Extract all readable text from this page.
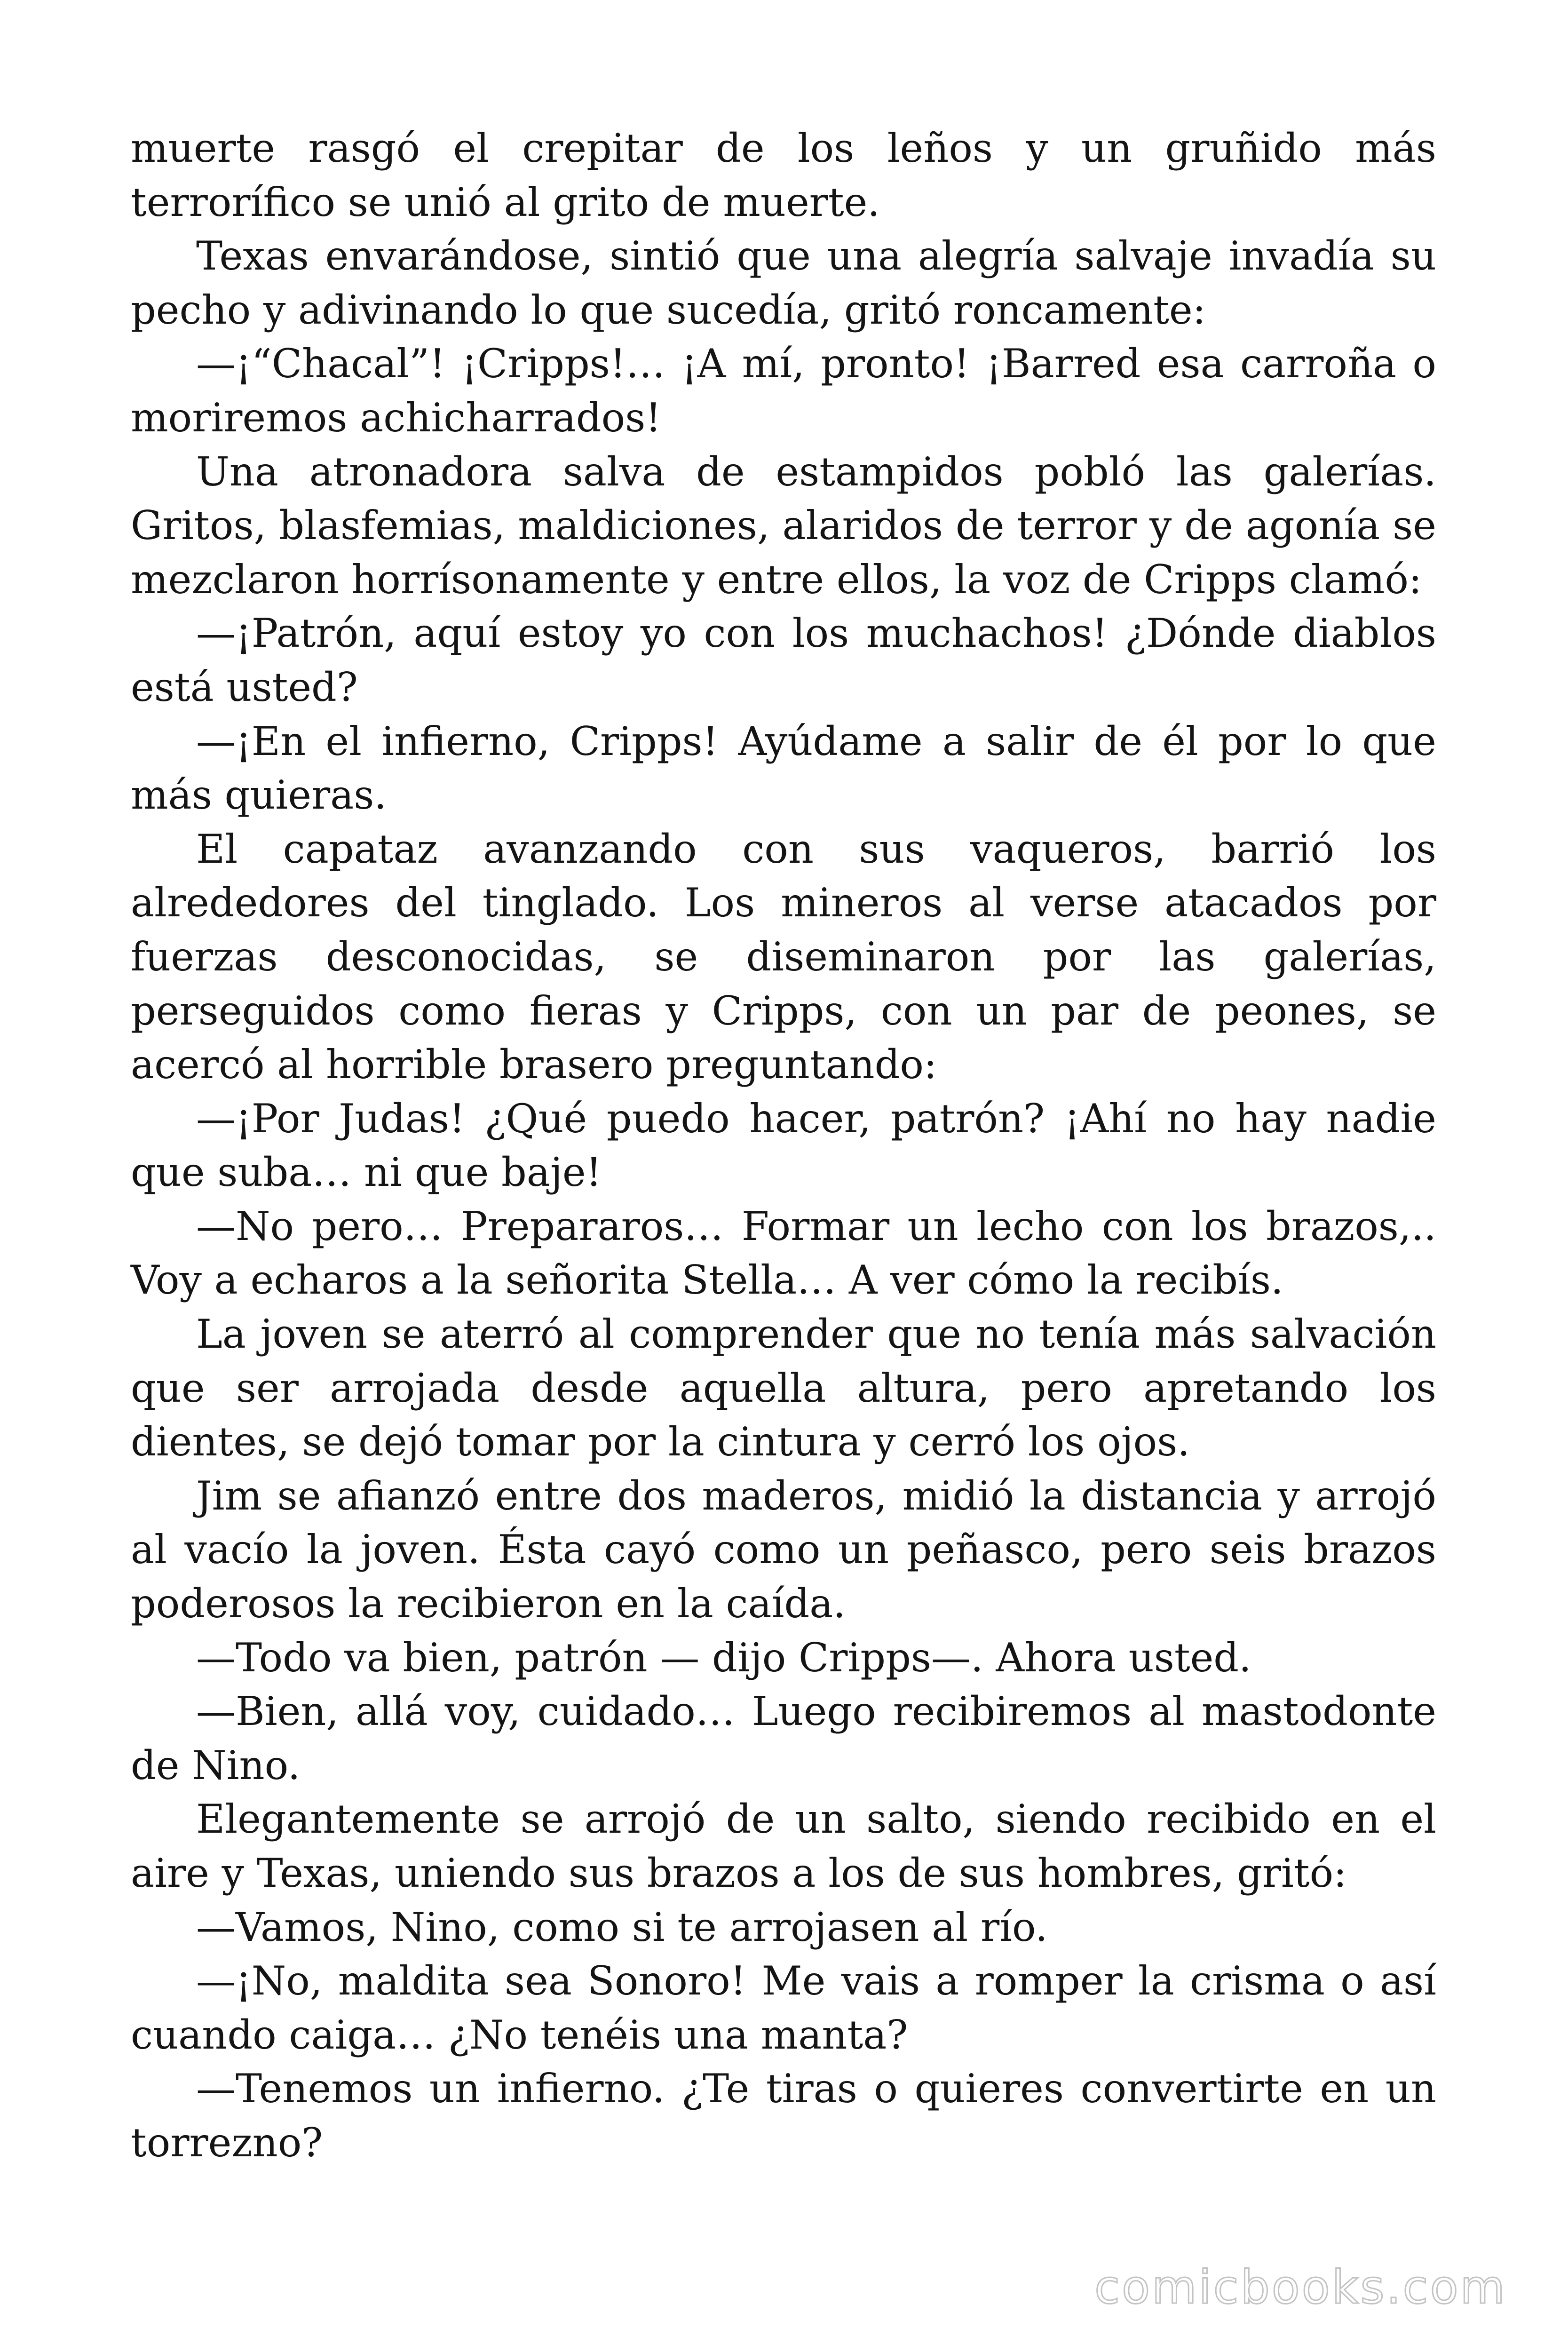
muerte rasgó el crepitar de los leños y un gruñido más terrorífico se unió al grito de muerte.

Texas envarándose, sintió que una alegría salvaje invadía su pecho y adivinando lo que sucedía, gritó roncamente:

—¡“Chacal”! ¡Cripps!… ¡A mí, pronto! ¡Barred esa carroña o moriremos achicharrados!

Una atronadora salva de estampidos pobló las galerías. Gritos, blasfemias, maldiciones, alaridos de terror y de agonía se mezclaron horrísonamente y entre ellos, la voz de Cripps clamó:

—¡Patrón, aquí estoy yo con los muchachos! ¿Dónde diablos está usted?

—¡En el infierno, Cripps! Ayúdame a salir de él por lo que más quieras.

El capataz avanzando con sus vaqueros, barrió los alrededores del tinglado. Los mineros al verse atacados por fuerzas desconocidas, se diseminaron por las galerías, perseguidos como fieras y Cripps, con un par de peones, se acercó al horrible brasero preguntando:

—¡Por Judas! ¿Qué puedo hacer, patrón? ¡Ahí no hay nadie que suba… ni que baje!

—No pero… Prepararos… Formar un lecho con los brazos,.. Voy a echaros a la señorita Stella… A ver cómo la recibís.

La joven se aterró al comprender que no tenía más salvación que ser arrojada desde aquella altura, pero apretando los dientes, se dejó tomar por la cintura y cerró los ojos.

Jim se afianzó entre dos maderos, midió la distancia y arrojó al vacío la joven. Ésta cayó como un peñasco, pero seis brazos poderosos la recibieron en la caída.

—Todo va bien, patrón — dijo Cripps—. Ahora usted.

—Bien, allá voy, cuidado… Luego recibiremos al mastodonte de Nino.

Elegantemente se arrojó de un salto, siendo recibido en el aire y Texas, uniendo sus brazos a los de sus hombres, gritó:

—Vamos, Nino, como si te arrojasen al río.

—¡No, maldita sea Sonoro! Me vais a romper la crisma o así cuando caiga… ¿No tenéis una manta?

—Tenemos un infierno. ¿Te tiras o quieres convertirte en un torrezno?

comicbooks.com
